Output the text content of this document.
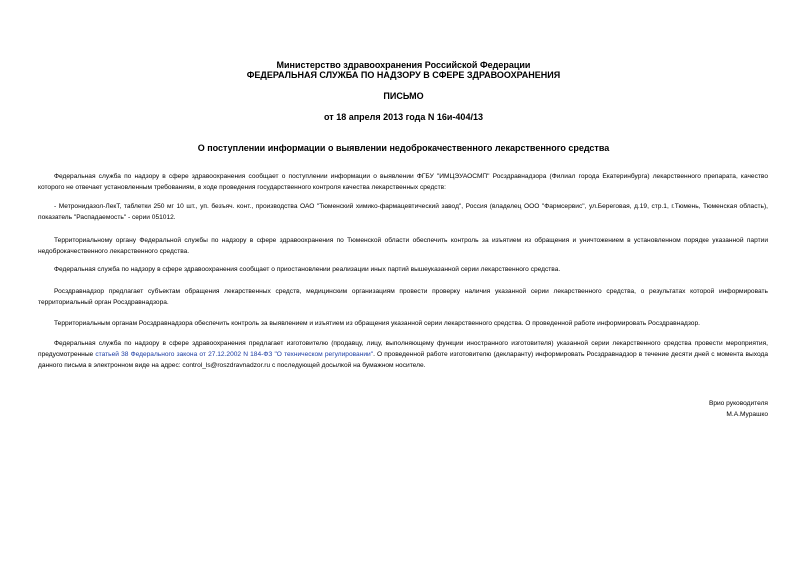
Министерство здравоохранения Российской Федерации
ФЕДЕРАЛЬНАЯ СЛУЖБА ПО НАДЗОРУ В СФЕРЕ ЗДРАВООХРАНЕНИЯ
ПИСЬМО
от 18 апреля 2013 года N 16и-404/13
О поступлении информации о выявлении недоброкачественного лекарственного средства
Федеральная служба по надзору в сфере здравоохранения сообщает о поступлении информации о выявлении ФГБУ "ИМЦЭУАОСМП" Росздравнадзора (Филиал города Екатеринбурга) лекарственного препарата, качество которого не отвечает установленным требованиям, в ходе проведения государственного контроля качества лекарственных средств:
- Метронидазол-ЛекТ, таблетки 250 мг 10 шт., уп. безъяч. конт., производства ОАО "Тюменский химико-фармацевтический завод", Россия (владелец ООО "Фармсервис", ул.Береговая, д.19, стр.1, г.Тюмень, Тюменская область), показатель "Распадаемость" - серии 051012.
Территориальному органу Федеральной службы по надзору в сфере здравоохранения по Тюменской области обеспечить контроль за изъятием из обращения и уничтожением в установленном порядке указанной партии недоброкачественного лекарственного средства.
Федеральная служба по надзору в сфере здравоохранения сообщает о приостановлении реализации иных партий вышеуказанной серии лекарственного средства.
Росздравнадзор предлагает субъектам обращения лекарственных средств, медицинским организациям провести проверку наличия указанной серии лекарственного средства, о результатах которой информировать территориальный орган Росздравнадзора.
Территориальным органам Росздравнадзора обеспечить контроль за выявлением и изъятием из обращения указанной серии лекарственного средства. О проведенной работе информировать Росздравнадзор.
Федеральная служба по надзору в сфере здравоохранения предлагает изготовителю (продавцу, лицу, выполняющему функции иностранного изготовителя) указанной серии лекарственного средства провести мероприятия, предусмотренные статьей 38 Федерального закона от 27.12.2002 N 184-ФЗ "О техническом регулировании". О проведенной работе изготовителю (декларанту) информировать Росздравнадзор в течение десяти дней с момента выхода данного письма в электронном виде на адрес: control_ls@roszdravnadzor.ru с последующей досылкой на бумажном носителе.
Врио руководителя
М.А.Мурашко
